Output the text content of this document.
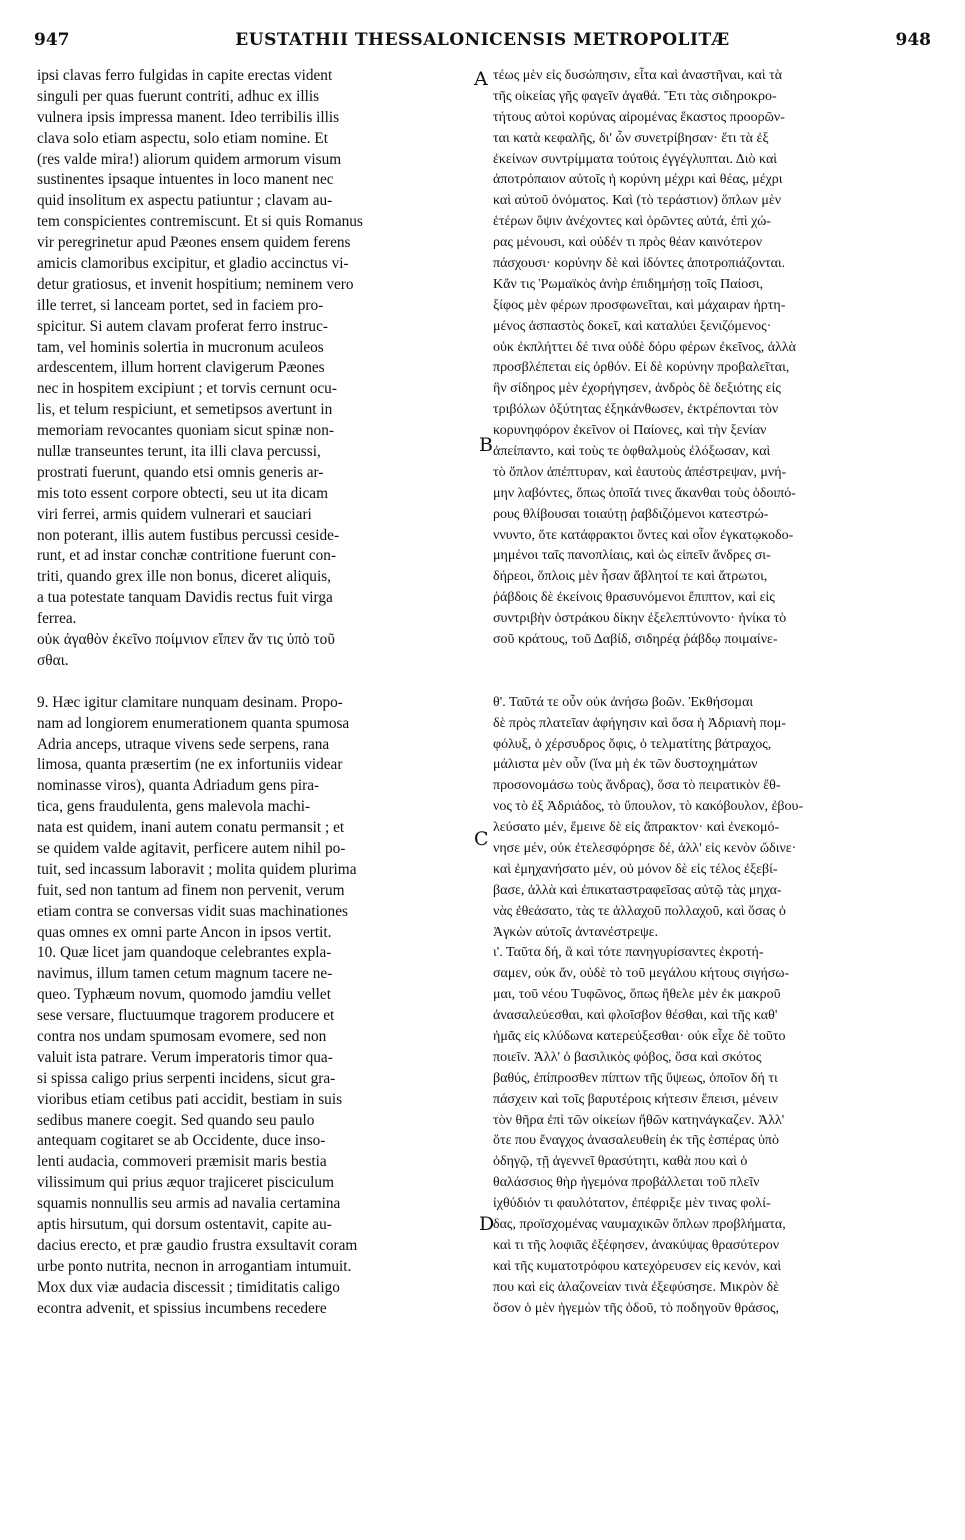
947	EUSTATHII THESSALONICENSIS METROPOLITÆ	948
ipsi clavas ferro fulgidas in capite erectas vident
singuli per quas fuerunt contriti, adhuc ex illis
vulnera ipsis impressa manent. Ideo terribilis illis
clava solo etiam aspectu, solo etiam nomine. Et
(res valde mira!) aliorum quidem armorum visum
sustinentes ipsaque intuentes in loco manent nec
quid insolitum ex aspectu patiuntur ; clavam au-
tem conspicientes contremiscunt. Et si quis Romanus
vir peregrinetur apud Pæones ensem quidem ferens
amicis clamoribus excipitur, et gladio accinctus vi-
detur gratiosus, et invenit hospitium; neminem vero
ille terret, si lanceam portet, sed in faciem pro-
spicitur. Si autem clavam proferat ferro instruc-
tam, vel hominis solertia in mucronum aculeos
ardescentem, illum horrent clavigerum Pæones
nec in hospitem excipiunt ; et torvis cernunt ocu-
lis, et telum respiciunt, et semetipsos avertunt in
memoriam revocantes quoniam sicut spinæ non-
nullæ transeuntes terunt, ita illi clava percussi,
prostrati fuerunt, quando etsi omnis generis ar-
mis toto essent corpore obtecti, seu ut ita dicam
viri ferrei, armis quidem vulnerari et sauciari
non poterant, illis autem fustibus percussi ceside-
runt, et ad instar conchæ contritione fuerunt con-
triti, quando grex ille non bonus, diceret aliquis,
a tua potestate tanquam Davidis rectus fuit virga
ferrea.
οὐκ ἀγαθὸν ἐκεῖνο ποίμνιον εἴπεν ἄν τις ὑπὸ τοῦ
σθαι.
9. Hæc igitur clamitare nunquam desinam. Propo-
nam ad longiorem enumerationem quanta spumosa
Adria anceps, utraque vivens sede serpens, rana
limosa, quanta præsertim (ne ex infortuniis videar
nominasse viros), quanta Adriadum gens pira-
tica, gens fraudulenta, gens malevola machi-
nata est quidem, inani autem conatu permansit ; et
se quidem valde agitavit, perficere autem nihil po-
tuit, sed incassum laboravit ; molita quidem plurima
fuit, sed non tantum ad finem non pervenit, verum
etiam contra se conversas vidit suas machinationes
quas omnes ex omni parte Ancon in ipsos vertit.
10. Quæ licet jam quandoque celebrantes expla-
navimus, illum tamen cetum magnum tacere ne-
queo. Typhæum novum, quomodo jamdiu vellet
sese versare, fluctuumque tragorem producere et
contra nos undam spumosam evomere, sed non
valuit ista patrare. Verum imperatoris timor qua-
si spissa caligo prius serpenti incidens, sicut gra-
vioribus etiam cetibus pati accidit, bestiam in suis
sedibus manere coegit. Sed quando seu paulo
antequam cogitaret se ab Occidente, duce inso-
lenti audacia, commoveri præmisit maris bestia
vilissimum qui prius æquor trajiceret pisciculum
squamis nonnullis seu armis ad navalia certamina
aptis hirsutum, qui dorsum ostentavit, capite au-
dacius erecto, et præ gaudio frustra exsultavit coram
urbe ponto nutrita, necnon in arrogantiam intumuit.
Mox dux viæ audacia discessit ; timiditatis caligo
econtra advenit, et spissius incumbens recedere
A
B
C
D
τέως μὲν εἰς δυσώπησιν, εἶτα καὶ ἀναστῆναι, καὶ τὰ
τῆς οἰκείας γῆς φαγεῖν ἀγαθά. Ἔτι τὰς σιδηροκρο-
τήτους αὐτοὶ κορύνας αἰρομένας ἕκαστος προορῶν-
ται κατὰ κεφαλῆς, δι' ὧν συνετρίβησαν· ἔτι τὰ ἐξ
ἐκείνων συντρίμματα τούτοις ἐγγέγλυπται. Διὸ καὶ
ἀποτρόπαιον αὐτοῖς ἡ κορύνη μέχρι καὶ θέας, μέχρι
καὶ αὐτοῦ ὀνόματος. Καὶ (τὸ τεράστιον) ὅπλων μὲν
ἑτέρων ὄψιν ἀνέχοντες καὶ ὁρῶντες αὐτά, ἐπὶ χώ-
ρας μένουσι, καὶ οὐδέν τι πρὸς θέαν καινότερον
πάσχουσι· κορύνην δὲ καὶ ἰδόντες ἀποτροπιάζονται.
Κἄν τις Ῥωμαϊκὸς ἀνὴρ ἐπιδημήσῃ τοῖς Παίοσι,
ξίφος μὲν φέρων προσφωνεῖται, καὶ μάχαιραν ἠρτη-
μένος ἀσπαστὸς δοκεῖ, καὶ καταλύει ξενιζόμενος·
οὐκ ἐκπλήττει δέ τινα οὐδὲ δόρυ φέρων ἐκεῖνος, ἀλλὰ
προσβλέπεται εἰς ὀρθόν. Εἰ δὲ κορύνην προβαλεῖται,
ἣν σίδηρος μὲν ἐχορήγησεν, ἀνδρὸς δὲ δεξιότης εἰς
τριβόλων ὀξύτητας ἐξηκάνθωσεν, ἐκτρέπονται τὸν
κορυνηφόρον ἐκεῖνον οἱ Παίονες, καὶ τὴν ξενίαν
ἀπείπαντο, καὶ τοὺς τε ὀφθαλμοὺς ἐλόξωσαν, καὶ
τὸ ὅπλον ἀπέπτυραν, καὶ ἑαυτοὺς ἀπέστρεψαν, μνή-
μην λαβόντες, ὅπως ὁποῖά τινες ἄκανθαι τοὺς ὁδοιπό-
ρους θλίβουσαι τοιαύτῃ ῥαβδιζόμενοι κατεστρώ-
ννυντο, ὅτε κατάφρακτοι ὄντες καὶ οἷον ἐγκατῳκοδο-
μημένοι ταῖς πανοπλίαις, καὶ ὡς εἰπεῖν ἄνδρες σι-
δήρεοι, ὅπλοις μὲν ἦσαν ἄβλητοί τε καὶ ἄτρωτοι,
ῥάβδοις δὲ ἐκείνοις θρασυνόμενοι ἔπιπτον, καὶ εἰς
συντριβὴν ὀστράκου δίκην ἐξελεπτύνοντο· ἡνίκα τὸ
σοῦ κράτους, τοῦ Δαβίδ, σιδηρέᾳ ῥάβδῳ ποιμαίνε-
θ'. Ταῦτά τε οὖν οὐκ ἀνήσω βοῶν. Ἐκθήσομαι
δὲ πρὸς πλατεῖαν ἀφήγησιν καὶ ὅσα ἡ Ἀδριανὴ πομ-
φόλυξ, ὁ χέρσυδρος ὄφις, ὁ τελματίτης βάτραχος,
μάλιστα μὲν οὖν (ἵνα μὴ ἐκ τῶν δυστοχημάτων
προσονομάσω τοὺς ἄνδρας), ὅσα τὸ πειρατικὸν ἔθ-
νος τὸ ἐξ Ἀδριάδος, τὸ ὕπουλον, τὸ κακόβουλον, ἐβου-
λεύσατο μέν, ἔμεινε δὲ εἰς ἄπρακτον· καὶ ἐνεκομό-
νησε μέν, οὐκ ἐτελεσφόρησε δέ, ἀλλ' εἰς κενὸν ὤδινε·
καὶ ἐμηχανήσατο μέν, οὐ μόνον δὲ εἰς τέλος ἐξεβί-
βασε, ἀλλὰ καὶ ἐπικαταστραφεῖσας αὐτῷ τὰς μηχα-
νὰς ἐθεάσατο, τὰς τε ἀλλαχοῦ πολλαχοῦ, καὶ ὅσας ὁ
Ἀγκὼν αὐτοῖς ἀντανέστρεψε.
ι'. Ταῦτα δή, ἃ καὶ τότε πανηγυρίσαντες ἐκροτή-
σαμεν, οὐκ ἄν, οὐδὲ τὸ τοῦ μεγάλου κήτους σιγήσω-
μαι, τοῦ νέου Τυφῶνος, ὅπως ἤθελε μὲν ἐκ μακροῦ
ἀνασαλεύεσθαι, καὶ φλοῖσβον θέσθαι, καὶ τῆς καθ'
ἡμᾶς εἰς κλύδωνα κατερεύξεσθαι· οὐκ εἶχε δὲ τοῦτο
ποιεῖν. Ἀλλ' ὁ βασιλικὸς φόβος, ὅσα καὶ σκότος
βαθύς, ἐπίπροσθεν πίπτων τῆς ὕψεως, ὁποῖον δή τι
πάσχειν καὶ τοῖς βαρυτέροις κήτεσιν ἔπεισι, μένειν
τὸν θῆρα ἐπὶ τῶν οἰκείων ἤθῶν κατηνάγκαζεν. Ἀλλ'
ὅτε που ἔναγχος ἀνασαλευθείη ἐκ τῆς ἑσπέρας ὑπὸ
ὁδηγῷ, τῇ ἀγεννεῖ θρασύτητι, καθὰ που καὶ ὁ
θαλάσσιος θὴρ ἡγεμόνα προβάλλεται τοῦ πλεῖν
ἰχθύδιόν τι φαυλότατον, ἐπέφριξε μὲν τινας φολί-
δας, προϊσχομένας ναυμαχικῶν ὅπλων προβλήματα,
καὶ τι τῆς λοφιᾶς ἐξέφησεν, ἀνακύψας θρασύτερον
καὶ τῆς κυματοτρόφου κατεχόρευσεν εἰς κενόν, καὶ
που καὶ εἰς ἀλαζονείαν τινὰ ἐξεφύσησε. Μικρὸν δὲ
ὅσον ὁ μὲν ἡγεμὼν τῆς ὁδοῦ, τὸ ποδηγοῦν θράσος,
